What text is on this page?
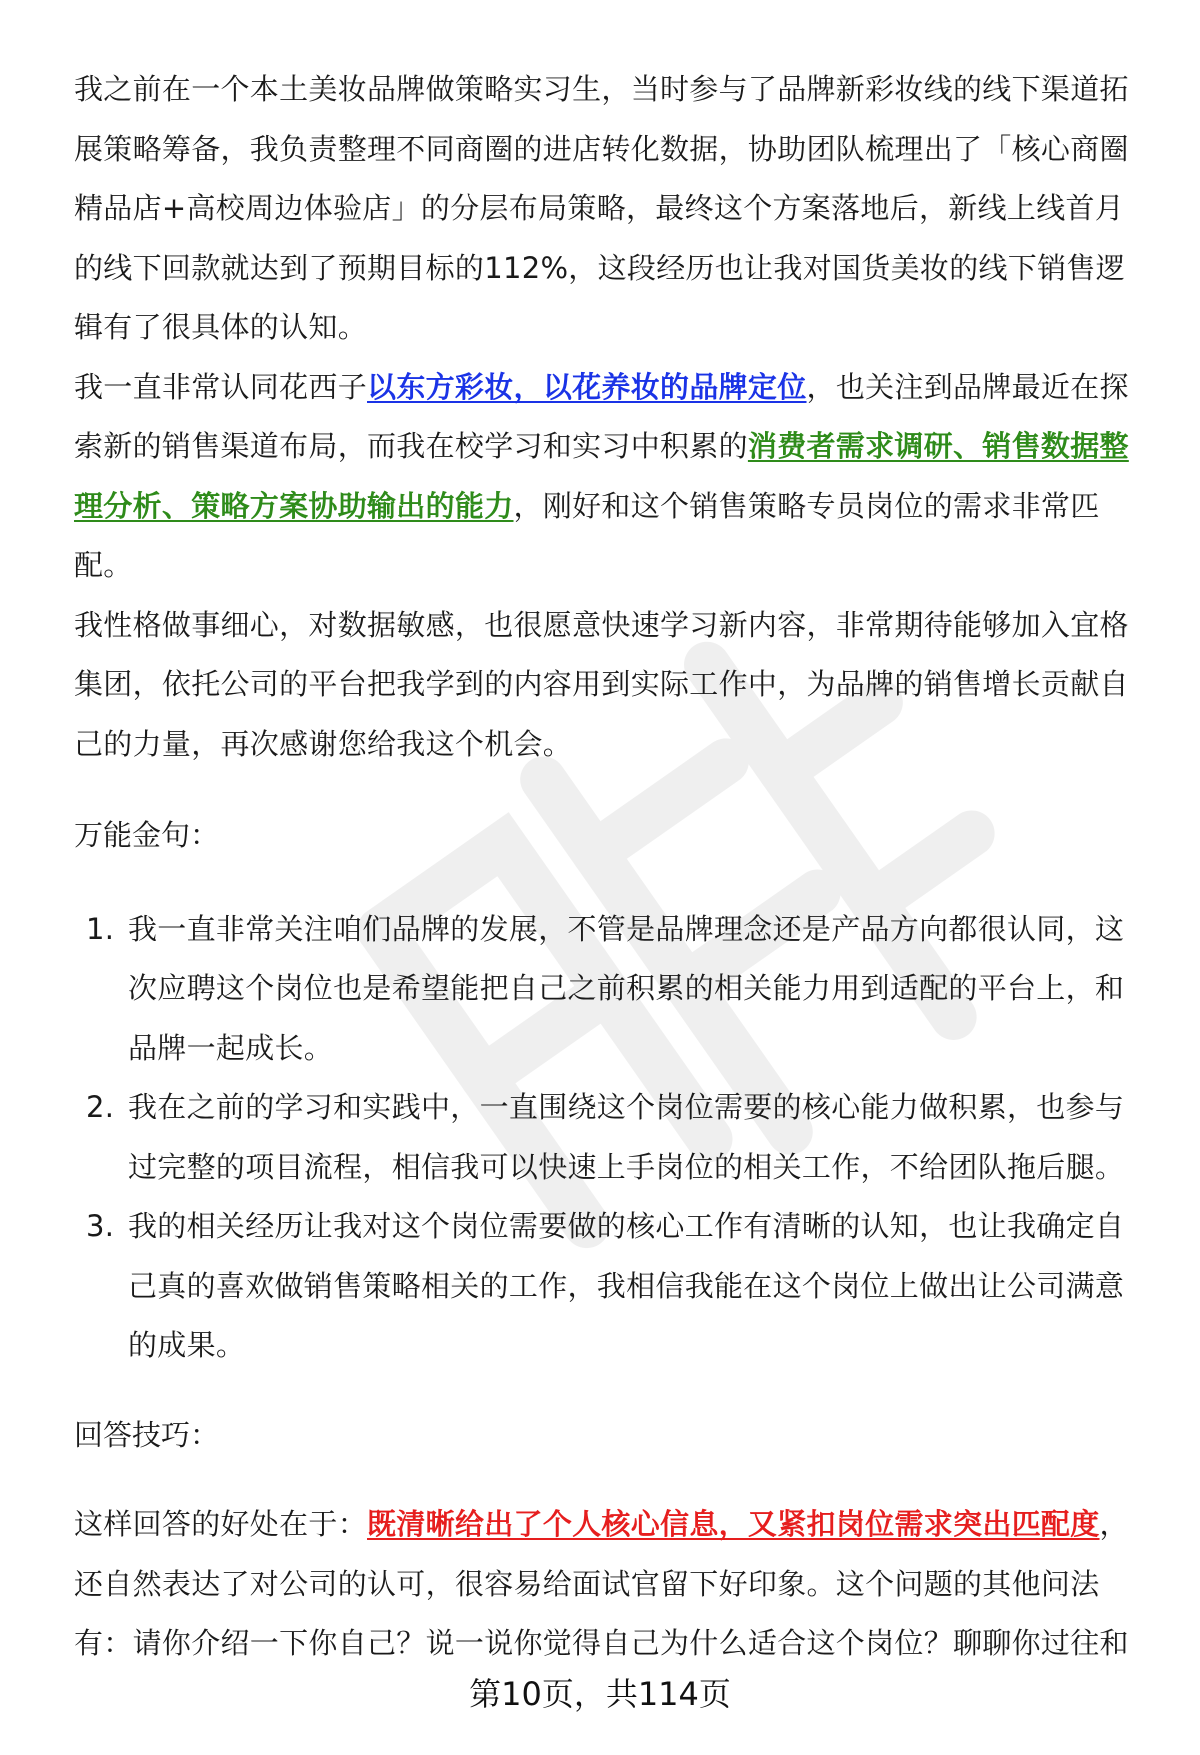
我之前在一个本土美妆品牌做策略实习生，当时参与了品牌新彩妆线的线下渠道拓展策略筹备，我负责整理不同商圈的进店转化数据，协助团队梳理出了「核心商圈精品店+高校周边体验店」的分层布局策略，最终这个方案落地后，新线上线首月的线下回款就达到了预期目标的112%，这段经历也让我对国货美妆的线下销售逻辑有了很具体的认知。

我一直非常认同花西子以东方彩妆，以花养妆的品牌定位，也关注到品牌最近在探索新的销售渠道布局，而我在校学习和实习中积累的消费者需求调研、销售数据整理分析、策略方案协助输出的能力，刚好和这个销售策略专员岗位的需求非常匹配。

我性格做事细心，对数据敏感，也很愿意快速学习新内容，非常期待能够加入宜格集团，依托公司的平台把我学到的内容用到实际工作中，为品牌的销售增长贡献自己的力量，再次感谢您给我这个机会。

万能金句：

1. 我一直非常关注咱们品牌的发展，不管是品牌理念还是产品方向都很认同，这次应聘这个岗位也是希望能把自己之前积累的相关能力用到适配的平台上，和品牌一起成长。
2. 我在之前的学习和实践中，一直围绕这个岗位需要的核心能力做积累，也参与过完整的项目流程，相信我可以快速上手岗位的相关工作，不给团队拖后腿。
3. 我的相关经历让我对这个岗位需要做的核心工作有清晰的认知，也让我确定自己真的喜欢做销售策略相关的工作，我相信我能在这个岗位上做出让公司满意的成果。

回答技巧：

这样回答的好处在于：既清晰给出了个人核心信息，又紧扣岗位需求突出匹配度，还自然表达了对公司的认可，很容易给面试官留下好印象。这个问题的其他问法有：请你介绍一下你自己？说一说你觉得自己为什么适合这个岗位？聊聊你过往和

第10页，共114页
